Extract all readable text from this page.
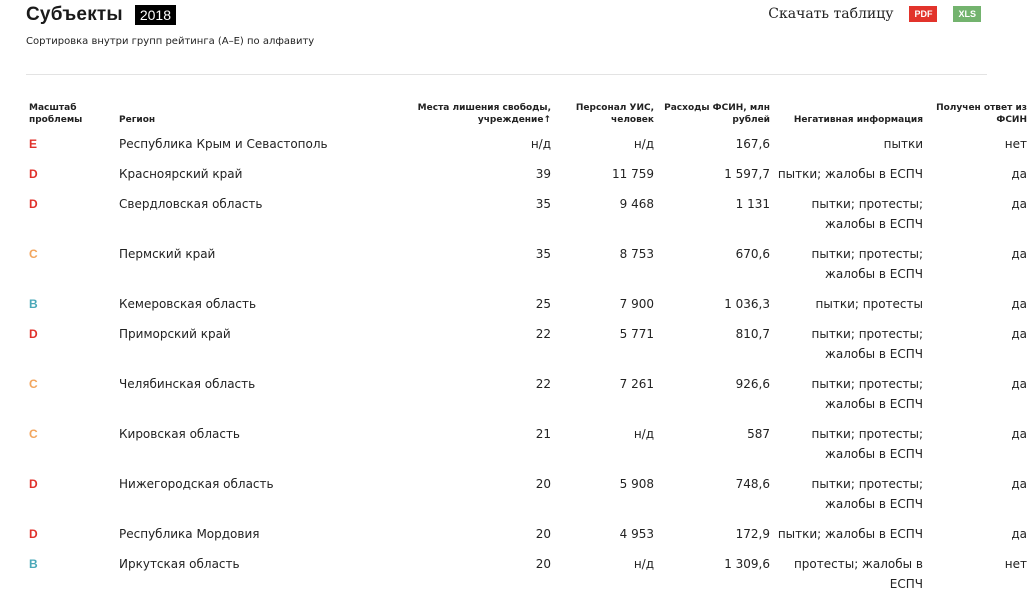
Субъекты	2018	Скачать таблицу	PDF	XLS
Сортировка внутри групп рейтинга (А–Е) по алфавиту
Масштаб проблемы	Регион	Места лишения свободы, учреждение↑	Персонал УИС, человек	Расходы ФСИН, млн рублей	Негативная информация	Получен ответ из ФСИН
E	Республика Крым и Севастополь	н/д	н/д	167,6	пытки	нет
D	Красноярский край	39	11 759	1 597,7	пытки; жалобы в ЕСПЧ	да
D	Свердловская область	35	9 468	1 131	пытки; протесты; жалобы в ЕСПЧ	да
C	Пермский край	35	8 753	670,6	пытки; протесты; жалобы в ЕСПЧ	да
B	Кемеровская область	25	7 900	1 036,3	пытки; протесты	да
D	Приморский край	22	5 771	810,7	пытки; протесты; жалобы в ЕСПЧ	да
C	Челябинская область	22	7 261	926,6	пытки; протесты; жалобы в ЕСПЧ	да
C	Кировская область	21	н/д	587	пытки; протесты; жалобы в ЕСПЧ	да
D	Нижегородская область	20	5 908	748,6	пытки; протесты; жалобы в ЕСПЧ	да
D	Республика Мордовия	20	4 953	172,9	пытки; жалобы в ЕСПЧ	да
B	Иркутская область	20	н/д	1 309,6	протесты; жалобы в ЕСПЧ	нет
